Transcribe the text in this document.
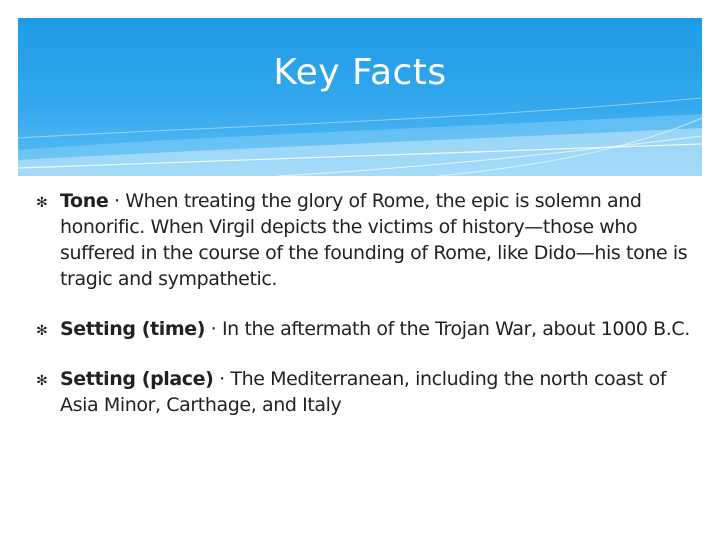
Key Facts
✻ Tone · When treating the glory of Rome, the epic is solemn and honorific. When Virgil depicts the victims of history—those who suffered in the course of the founding of Rome, like Dido—his tone is tragic and sympathetic.
✻ Setting (time) · In the aftermath of the Trojan War, about 1000 B.C.
✻ Setting (place) · The Mediterranean, including the north coast of Asia Minor, Carthage, and Italy
